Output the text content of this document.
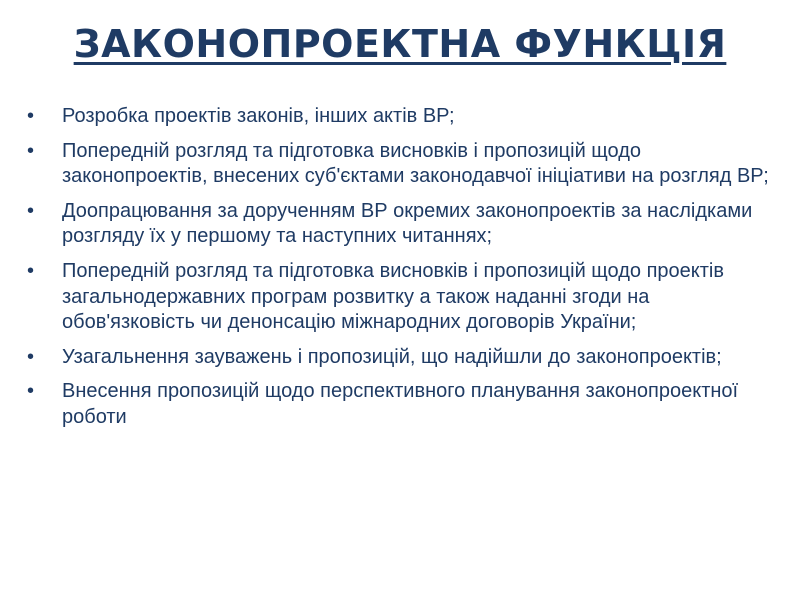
ЗАКОНОПРОЕКТНА ФУНКЦІЯ
• Розробка проектів законів, інших актів ВР;
• Попередній розгляд та підготовка висновків і пропозицій щодо законопроектів, внесених суб'єктами законодавчої ініціативи на розгляд ВР;
• Доопрацювання за дорученням ВР окремих законопроектів за наслідками розгляду їх у першому та наступних читаннях;
• Попередній розгляд та підготовка висновків і пропозицій щодо проектів загальнодержавних програм розвитку а також наданні згоди на обов'язковість чи денонсацію міжнародних договорів України;
• Узагальнення зауважень і пропозицій, що надійшли до законопроектів;
• Внесення пропозицій щодо перспективного планування законопроектної роботи
